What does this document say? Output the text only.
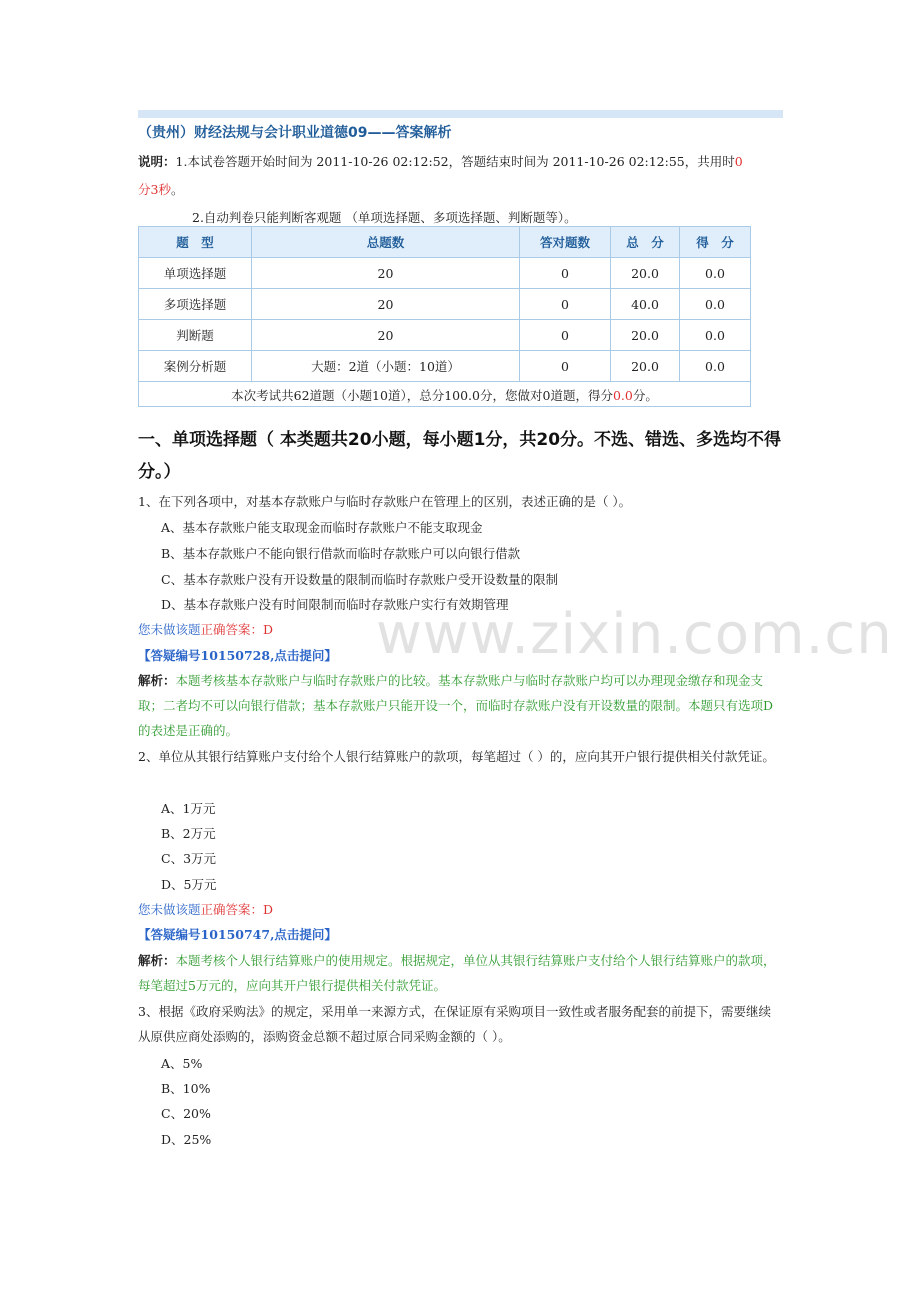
（贵州）财经法规与会计职业道德09——答案解析
说明：1.本试卷答题开始时间为 2011-10-26 02:12:52，答题结束时间为 2011-10-26 02:12:55，共用时0
分3秒。
2.自动判卷只能判断客观题 （单项选择题、多项选择题、判断题等）。
题　型	总题数	答对题数	总　分	得　分
单项选择题	20	0	20.0	0.0
多项选择题	20	0	40.0	0.0
判断题	20	0	20.0	0.0
案例分析题	大题：2道（小题：10道）	0	20.0	0.0
本次考试共62道题（小题10道），总分100.0分，您做对0道题，得分0.0分。				
一、单项选择题（ 本类题共20小题，每小题1分，共20分。不选、错选、多选均不得分。）
www.zixin.com.cn
1、在下列各项中，对基本存款账户与临时存款账户在管理上的区别，表述正确的是（ ）。
A、基本存款账户能支取现金而临时存款账户不能支取现金
B、基本存款账户不能向银行借款而临时存款账户可以向银行借款
C、基本存款账户没有开设数量的限制而临时存款账户受开设数量的限制
D、基本存款账户没有时间限制而临时存款账户实行有效期管理
您未做该题正确答案：D
【答疑编号10150728,点击提问】
解析：本题考核基本存款账户与临时存款账户的比较。基本存款账户与临时存款账户均可以办理现金缴存和现金支取；二者均不可以向银行借款；基本存款账户只能开设一个，而临时存款账户没有开设数量的限制。本题只有选项D的表述是正确的。
2、单位从其银行结算账户支付给个人银行结算账户的款项，每笔超过（ ）的，应向其开户银行提供相关付款凭证。
A、1万元
B、2万元
C、3万元
D、5万元
您未做该题正确答案：D
【答疑编号10150747,点击提问】
解析：本题考核个人银行结算账户的使用规定。根据规定，单位从其银行结算账户支付给个人银行结算账户的款项，每笔超过5万元的，应向其开户银行提供相关付款凭证。
3、根据《政府采购法》的规定，采用单一来源方式，在保证原有采购项目一致性或者服务配套的前提下，需要继续从原供应商处添购的，添购资金总额不超过原合同采购金额的（ ）。
A、5%
B、10%
C、20%
D、25%
